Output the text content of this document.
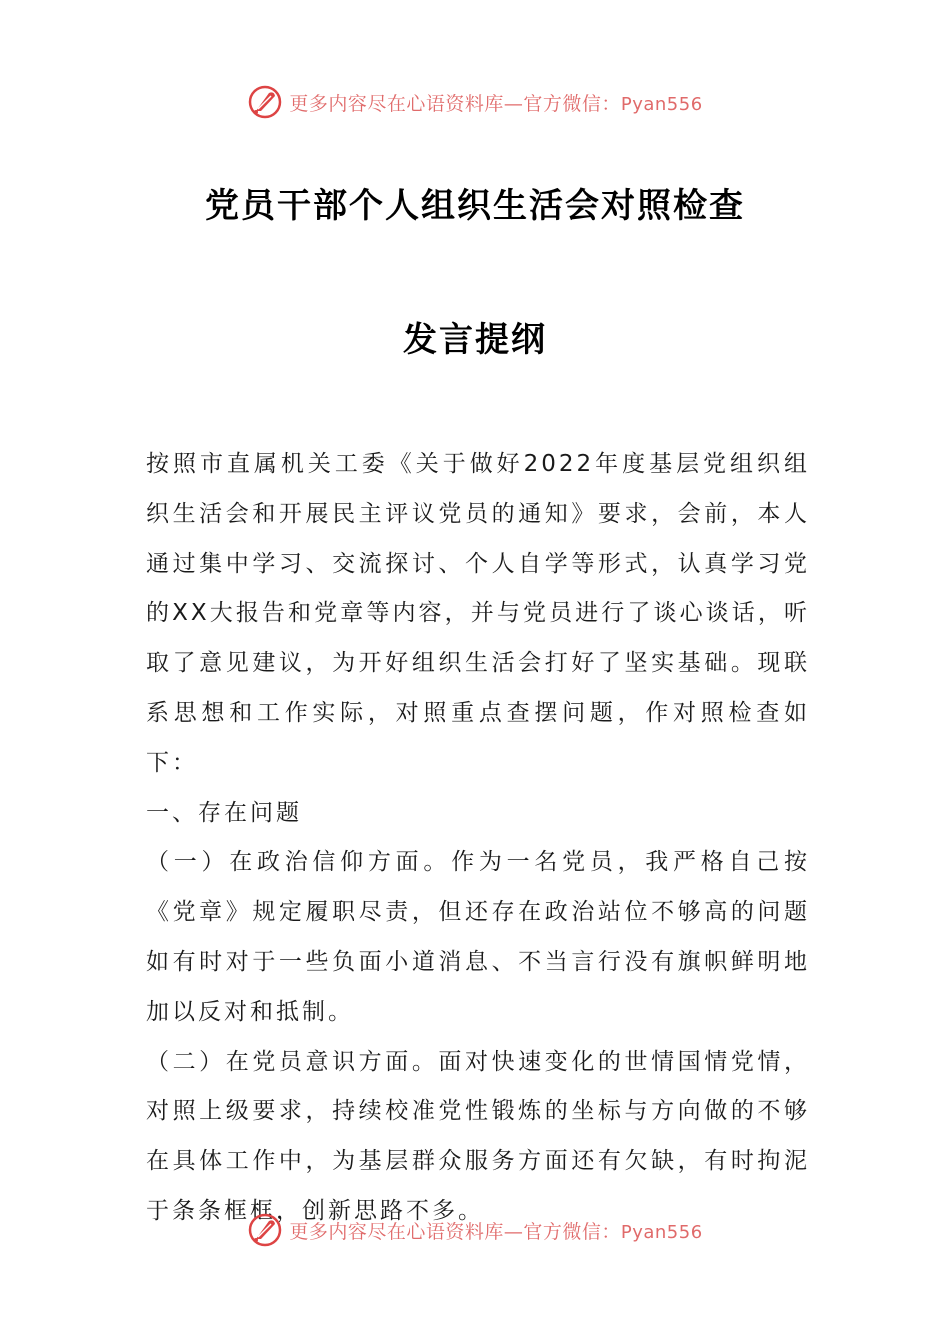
更多内容尽在心语资料库—官方微信：Pyan556
党员干部个人组织生活会对照检查
发言提纲

按照市直属机关工委《关于做好2022年度基层党组织组织生活会和开展民主评议党员的通知》要求，会前，本人通过集中学习、交流探讨、个人自学等形式，认真学习党的XX大报告和党章等内容，并与党员进行了谈心谈话，听取了意见建议，为开好组织生活会打好了坚实基础。现联系思想和工作实际，对照重点查摆问题，作对照检查如下：

一、存在问题

（一）在政治信仰方面。作为一名党员，我严格自己按《党章》规定履职尽责，但还存在政治站位不够高的问题如有时对于一些负面小道消息、不当言行没有旗帜鲜明地加以反对和抵制。

（二）在党员意识方面。面对快速变化的世情国情党情，对照上级要求，持续校准党性锻炼的坐标与方向做的不够在具体工作中，为基层群众服务方面还有欠缺，有时拘泥于条条框框，创新思路不多。

更多内容尽在心语资料库—官方微信：Pyan556
